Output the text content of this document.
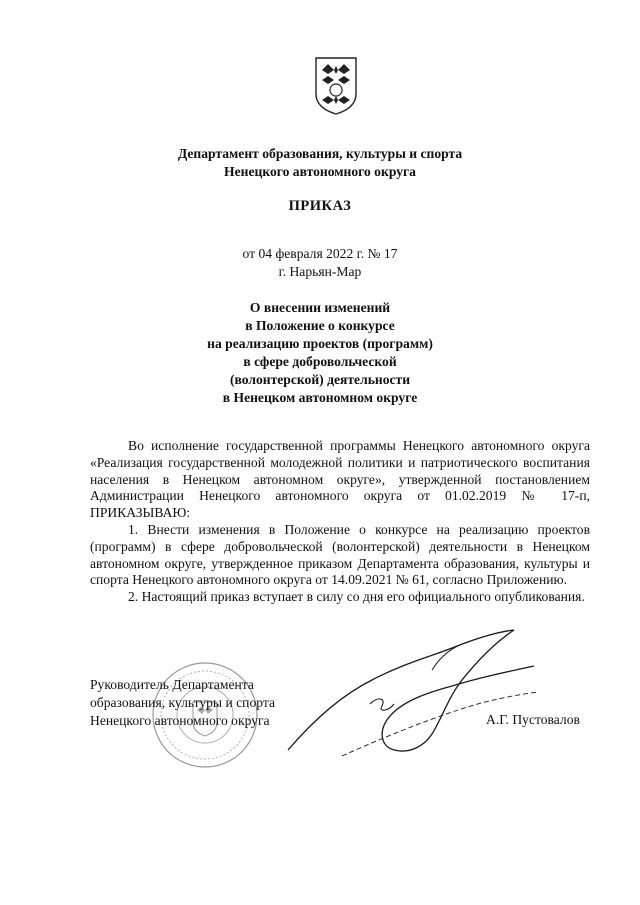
Департамент образования, культуры и спорта
Ненецкого автономного округа
ПРИКАЗ
от 04 февраля 2022 г. № 17
г. Нарьян-Мар
О внесении изменений
в Положение о конкурсе
на реализацию проектов (программ)
в сфере добровольческой
(волонтерской) деятельности
в Ненецком автономном округе

Во исполнение государственной программы Ненецкого автономного округа «Реализация государственной молодежной политики и патриотического воспитания населения в Ненецком автономном округе», утвержденной постановлением Администрации Ненецкого автономного округа от 01.02.2019 № 17-п, ПРИКАЗЫВАЮ:

1. Внести изменения в Положение о конкурсе на реализацию проектов (программ) в сфере добровольческой (волонтерской) деятельности в Ненецком автономном округе, утвержденное приказом Департамента образования, культуры и спорта Ненецкого автономного округа от 14.09.2021 № 61, согласно Приложению.

2. Настоящий приказ вступает в силу со дня его официального опубликования.

Руководитель Департамента
образования, культуры и спорта
Ненецкого автономного округа	А.Г. Пустовалов
